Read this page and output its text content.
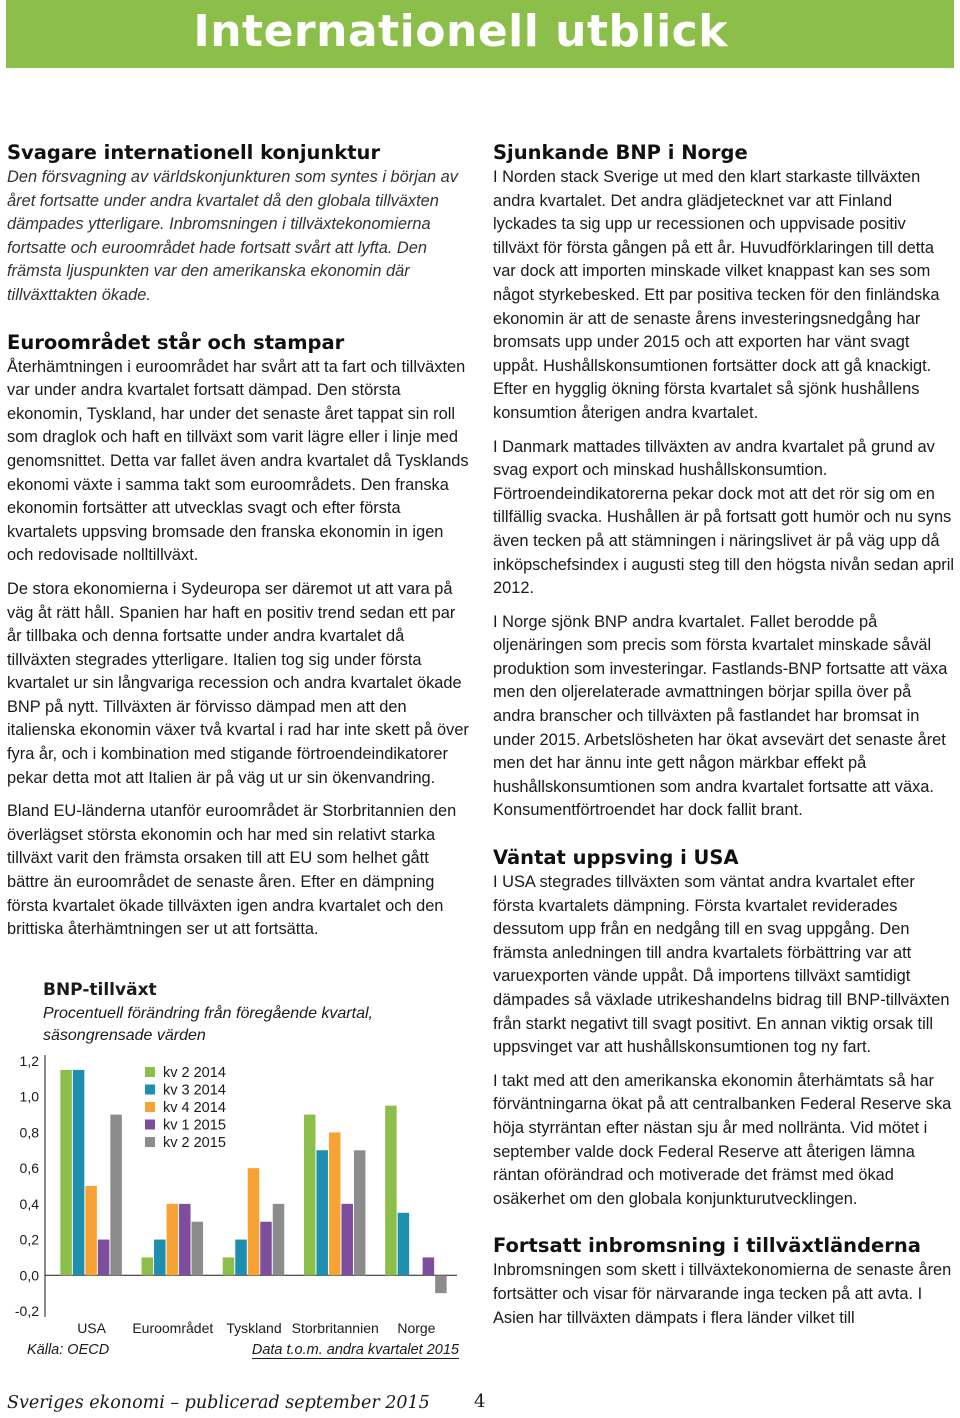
Internationell utblick
Svagare internationell konjunktur

Den försvagning av världskonjunkturen som syntes i början av året fortsatte under andra kvartalet då den globala tillväxten dämpades ytterligare. Inbromsningen i tillväxtekonomierna fortsatte och euroområdet hade fortsatt svårt att lyfta. Den främsta ljuspunkten var den amerikanska ekonomin där tillväxttakten ökade.

Euroområdet står och stampar

Återhämtningen i euroområdet har svårt att ta fart och tillväxten var under andra kvartalet fortsatt dämpad. Den största ekonomin, Tyskland, har under det senaste året tappat sin roll som draglok och haft en tillväxt som varit lägre eller i linje med genomsnittet. Detta var fallet även andra kvartalet då Tysklands ekonomi växte i samma takt som euroområdets. Den franska ekonomin fortsätter att utvecklas svagt och efter första kvartalets uppsving bromsade den franska ekonomin in igen och redovisade nolltillväxt.

De stora ekonomierna i Sydeuropa ser däremot ut att vara på väg åt rätt håll. Spanien har haft en positiv trend sedan ett par år tillbaka och denna fortsatte under andra kvartalet då tillväxten stegrades ytterligare. Italien tog sig under första kvartalet ur sin långvariga recession och andra kvartalet ökade BNP på nytt. Tillväxten är förvisso dämpad men att den italienska ekonomin växer två kvartal i rad har inte skett på över fyra år, och i kombination med stigande förtroendeindikatorer pekar detta mot att Italien är på väg ut ur sin ökenvandring.

Bland EU-länderna utanför euroområdet är Storbritannien den överlägset största ekonomin och har med sin relativt starka tillväxt varit den främsta orsaken till att EU som helhet gått bättre än euroområdet de senaste åren. Efter en dämpning första kvartalet ökade tillväxten igen andra kvartalet och den brittiska återhämtningen ser ut att fortsätta.

BNP-tillväxt
Procentuell förändring från föregående kvartal, säsongrensade värden
1,2
1,0
0,8
0,6
0,4
0,2
0,0
-0,2
USA Euroområdet Tyskland Storbritannien Norge
kv 2 2014
kv 3 2014
kv 4 2014
kv 1 2015
kv 2 2015
Källa: OECD	Data t.o.m. andra kvartalet 2015
Sjunkande BNP i Norge

I Norden stack Sverige ut med den klart starkaste tillväxten andra kvartalet. Det andra glädjetecknet var att Finland lyckades ta sig upp ur recessionen och uppvisade positiv tillväxt för första gången på ett år. Huvudförklaringen till detta var dock att importen minskade vilket knappast kan ses som något styrkebesked. Ett par positiva tecken för den finländska ekonomin är att de senaste årens investeringsnedgång har bromsats upp under 2015 och att exporten har vänt svagt uppåt. Hushållskonsumtionen fortsätter dock att gå knackigt. Efter en hygglig ökning första kvartalet så sjönk hushållens konsumtion återigen andra kvartalet.

I Danmark mattades tillväxten av andra kvartalet på grund av svag export och minskad hushållskonsumtion. Förtroendeindikatorerna pekar dock mot att det rör sig om en tillfällig svacka. Hushållen är på fortsatt gott humör och nu syns även tecken på att stämningen i näringslivet är på väg upp då inköpschefsindex i augusti steg till den högsta nivån sedan april 2012.

I Norge sjönk BNP andra kvartalet. Fallet berodde på oljenäringen som precis som första kvartalet minskade såväl produktion som investeringar. Fastlands-BNP fortsatte att växa men den oljerelaterade avmattningen börjar spilla över på andra branscher och tillväxten på fastlandet har bromsat in under 2015. Arbetslösheten har ökat avsevärt det senaste året men det har ännu inte gett någon märkbar effekt på hushållskonsumtionen som andra kvartalet fortsatte att växa. Konsumentförtroendet har dock fallit brant.

Väntat uppsving i USA

I USA stegrades tillväxten som väntat andra kvartalet efter första kvartalets dämpning. Första kvartalet reviderades dessutom upp från en nedgång till en svag uppgång. Den främsta anledningen till andra kvartalets förbättring var att varuexporten vände uppåt. Då importens tillväxt samtidigt dämpades så växlade utrikeshandelns bidrag till BNP-tillväxten från starkt negativt till svagt positivt. En annan viktig orsak till uppsvinget var att hushållskonsumtionen tog ny fart.

I takt med att den amerikanska ekonomin återhämtats så har förväntningarna ökat på att centralbanken Federal Reserve ska höja styrräntan efter nästan sju år med nollränta. Vid mötet i september valde dock Federal Reserve att återigen lämna räntan oförändrad och motiverade det främst med ökad osäkerhet om den globala konjunkturutvecklingen.

Fortsatt inbromsning i tillväxtländerna

Inbromsningen som skett i tillväxtekonomierna de senaste åren fortsätter och visar för närvarande inga tecken på att avta. I Asien har tillväxten dämpats i flera länder vilket till

Sveriges ekonomi – publicerad september 2015 4
